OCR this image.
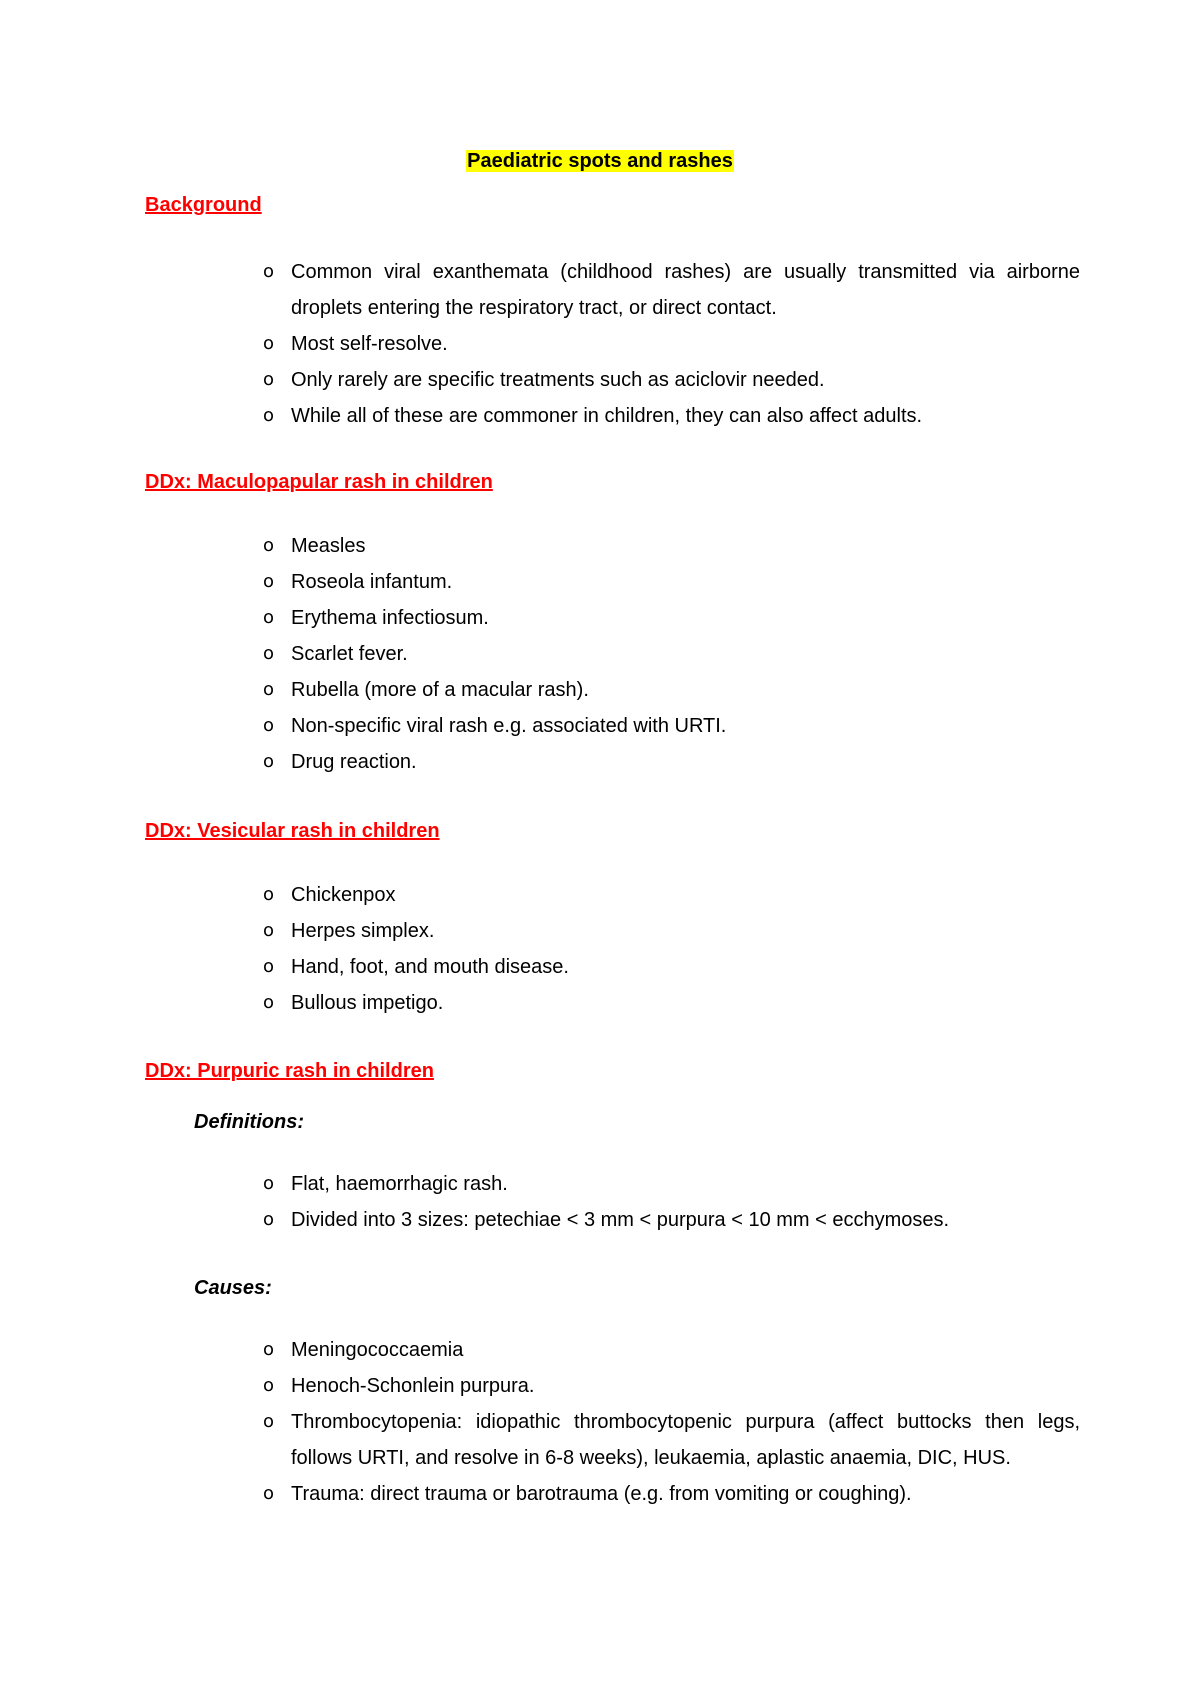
Paediatric spots and rashes

Background

o Common viral exanthemata (childhood rashes) are usually transmitted via airborne droplets entering the respiratory tract, or direct contact.
o Most self-resolve.
o Only rarely are specific treatments such as aciclovir needed.
o While all of these are commoner in children, they can also affect adults.

DDx: Maculopapular rash in children

o Measles
o Roseola infantum.
o Erythema infectiosum.
o Scarlet fever.
o Rubella (more of a macular rash).
o Non-specific viral rash e.g. associated with URTI.
o Drug reaction.

DDx: Vesicular rash in children

o Chickenpox
o Herpes simplex.
o Hand, foot, and mouth disease.
o Bullous impetigo.

DDx: Purpuric rash in children

Definitions:

o Flat, haemorrhagic rash.
o Divided into 3 sizes: petechiae < 3 mm < purpura < 10 mm < ecchymoses.

Causes:

o Meningococcaemia
o Henoch-Schonlein purpura.
o Thrombocytopenia: idiopathic thrombocytopenic purpura (affect buttocks then legs, follows URTI, and resolve in 6-8 weeks), leukaemia, aplastic anaemia, DIC, HUS.
o Trauma: direct trauma or barotrauma (e.g. from vomiting or coughing).
